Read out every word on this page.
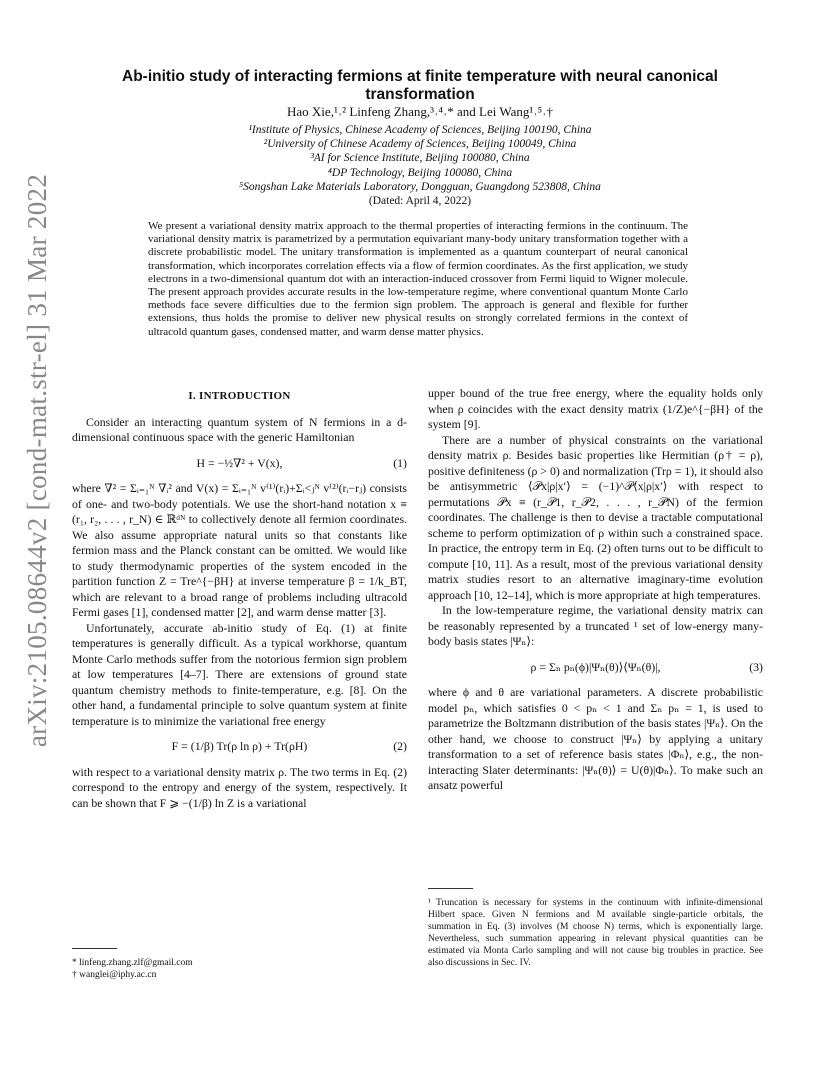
arXiv:2105.08644v2 [cond-mat.str-el] 31 Mar 2022
Ab-initio study of interacting fermions at finite temperature with neural canonical transformation
Hao Xie,¹˒² Linfeng Zhang,³˒⁴˒* and Lei Wang¹˒⁵˒†
¹Institute of Physics, Chinese Academy of Sciences, Beijing 100190, China
²University of Chinese Academy of Sciences, Beijing 100049, China
³AI for Science Institute, Beijing 100080, China
⁴DP Technology, Beijing 100080, China
⁵Songshan Lake Materials Laboratory, Dongguan, Guangdong 523808, China
(Dated: April 4, 2022)
We present a variational density matrix approach to the thermal properties of interacting fermions in the continuum. The variational density matrix is parametrized by a permutation equivariant many-body unitary transformation together with a discrete probabilistic model. The unitary transformation is implemented as a quantum counterpart of neural canonical transformation, which incorporates correlation effects via a flow of fermion coordinates. As the first application, we study electrons in a two-dimensional quantum dot with an interaction-induced crossover from Fermi liquid to Wigner molecule. The present approach provides accurate results in the low-temperature regime, where conventional quantum Monte Carlo methods face severe difficulties due to the fermion sign problem. The approach is general and flexible for further extensions, thus holds the promise to deliver new physical results on strongly correlated fermions in the context of ultracold quantum gases, condensed matter, and warm dense matter physics.
I. INTRODUCTION

Consider an interacting quantum system of N fermions in a d-dimensional continuous space with the generic Hamiltonian

H = −½∇² + V(x),	(1)

where ∇² = Σᵢ₌₁ᴺ ∇ᵢ² and V(x) = Σᵢ₌₁ᴺ v⁽¹⁾(rᵢ)+Σᵢ<ⱼᴺ v⁽²⁾(rᵢ−rⱼ) consists of one- and two-body potentials. We use the short-hand notation x ≡ (r₁, r₂, . . . , r_N) ∈ ℝᵈᴺ to collectively denote all fermion coordinates. We also assume appropriate natural units so that constants like fermion mass and the Planck constant can be omitted. We would like to study thermodynamic properties of the system encoded in the partition function Z = Tre^{−βH} at inverse temperature β = 1/k_BT, which are relevant to a broad range of problems including ultracold Fermi gases [1], condensed matter [2], and warm dense matter [3].

Unfortunately, accurate ab-initio study of Eq. (1) at finite temperatures is generally difficult. As a typical workhorse, quantum Monte Carlo methods suffer from the notorious fermion sign problem at low temperatures [4–7]. There are extensions of ground state quantum chemistry methods to finite-temperature, e.g. [8]. On the other hand, a fundamental principle to solve quantum system at finite temperature is to minimize the variational free energy

F = (1/β) Tr(ρ ln ρ) + Tr(ρH)	(2)

with respect to a variational density matrix ρ. The two terms in Eq. (2) correspond to the entropy and energy of the system, respectively. It can be shown that F ⩾ −(1/β) ln Z is a variational

* linfeng.zhang.zlf@gmail.com
† wanglei@iphy.ac.cn

upper bound of the true free energy, where the equality holds only when ρ coincides with the exact density matrix (1/Z)e^{−βH} of the system [9].

There are a number of physical constraints on the variational density matrix ρ. Besides basic properties like Hermitian (ρ† = ρ), positive definiteness (ρ > 0) and normalization (Trρ = 1), it should also be antisymmetric ⟨𝒫x|ρ|x′⟩ = (−1)^𝒫⟨x|ρ|x′⟩ with respect to permutations 𝒫x ≡ (r_𝒫1, r_𝒫2, . . . , r_𝒫N) of the fermion coordinates. The challenge is then to devise a tractable computational scheme to perform optimization of ρ within such a constrained space. In practice, the entropy term in Eq. (2) often turns out to be difficult to compute [10, 11]. As a result, most of the previous variational density matrix studies resort to an alternative imaginary-time evolution approach [10, 12–14], which is more appropriate at high temperatures.

In the low-temperature regime, the variational density matrix can be reasonably represented by a truncated ¹ set of low-energy many-body basis states |Ψₙ⟩:

ρ = Σₙ pₙ(ϕ)|Ψₙ(θ)⟩⟨Ψₙ(θ)|,	(3)

where ϕ and θ are variational parameters. A discrete probabilistic model pₙ, which satisfies 0 < pₙ < 1 and Σₙ pₙ = 1, is used to parametrize the Boltzmann distribution of the basis states |Ψₙ⟩. On the other hand, we choose to construct |Ψₙ⟩ by applying a unitary transformation to a set of reference basis states |Φₙ⟩, e.g., the non-interacting Slater determinants: |Ψₙ(θ)⟩ = U(θ)|Φₙ⟩. To make such an ansatz powerful

¹ Truncation is necessary for systems in the continuum with infinite-dimensional Hilbert space. Given N fermions and M available single-particle orbitals, the summation in Eq. (3) involves (M choose N) terms, which is exponentially large. Nevertheless, such summation appearing in relevant physical quantities can be estimated via Monta Carlo sampling and will not cause big troubles in practice. See also discussions in Sec. IV.
